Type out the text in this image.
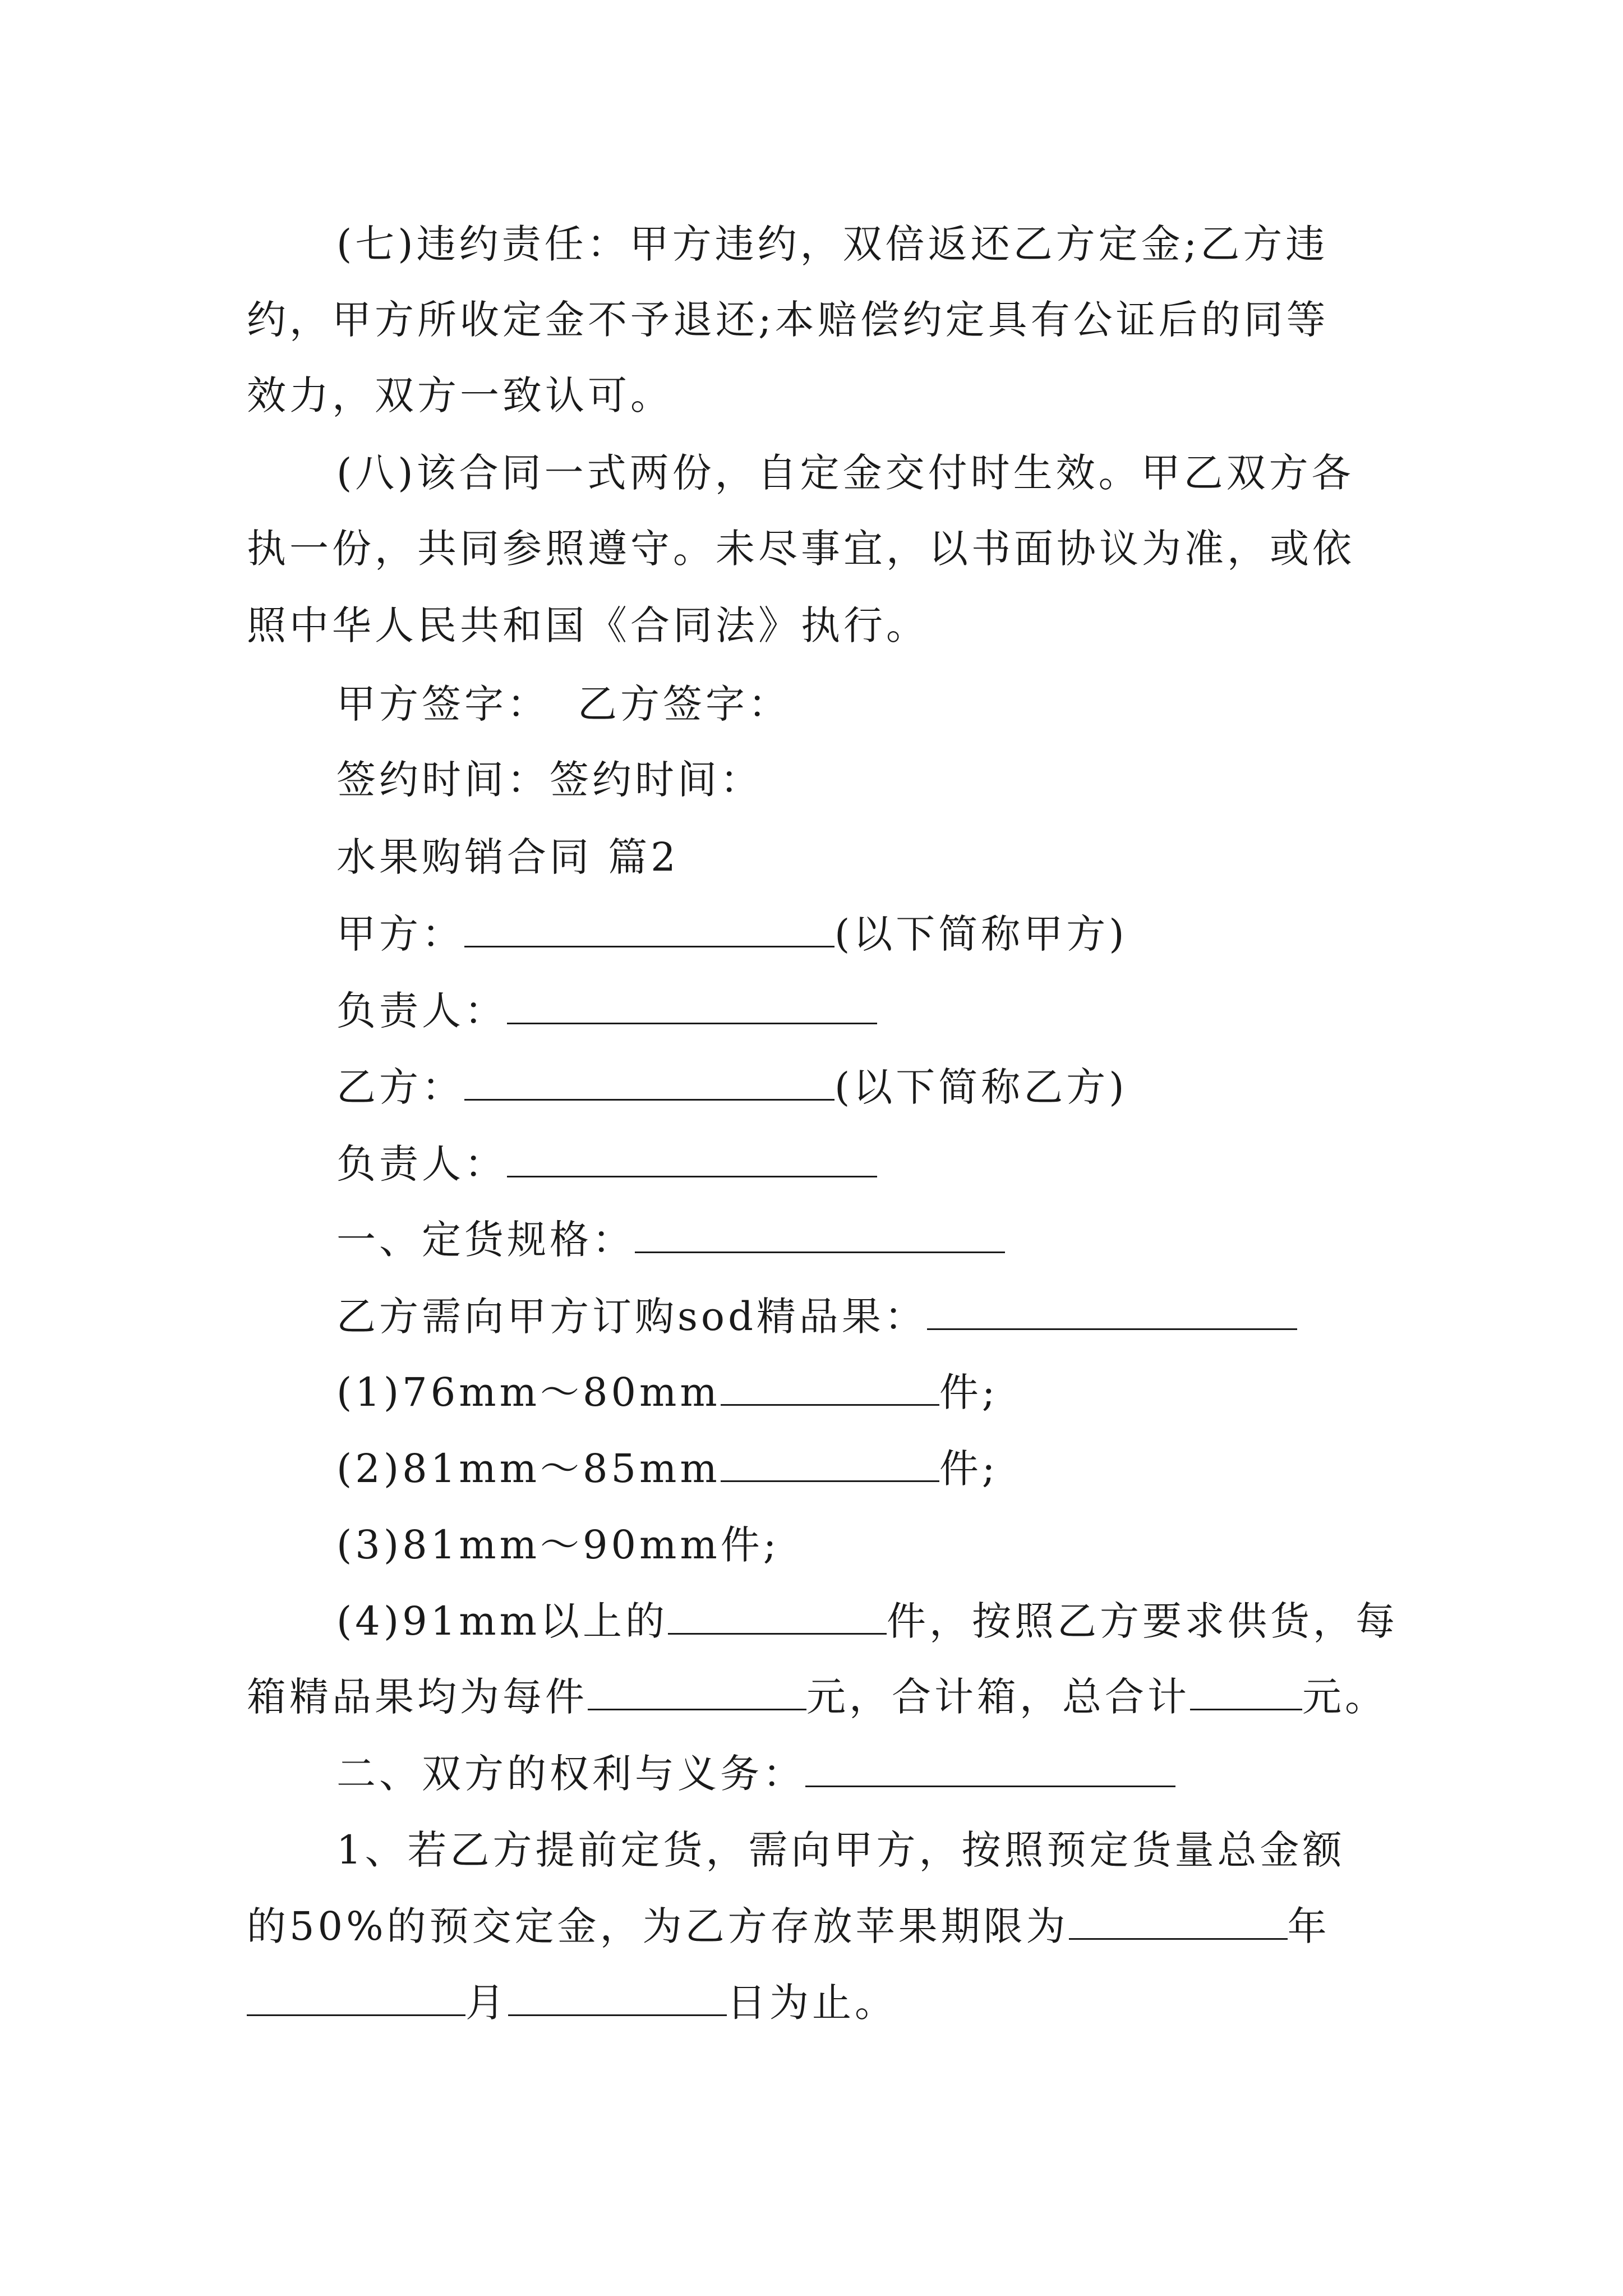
(七)违约责任：甲方违约，双倍返还乙方定金;乙方违
约，甲方所收定金不予退还;本赔偿约定具有公证后的同等
效力，双方一致认可。
(八)该合同一式两份，自定金交付时生效。甲乙双方各
执一份，共同参照遵守。未尽事宜，以书面协议为准，或依
照中华人民共和国《合同法》执行。
甲方签字： 乙方签字：
签约时间：签约时间：
水果购销合同 篇2
甲方：	(以下简称甲方)
负责人：
乙方：	(以下简称乙方)
负责人：
一、定货规格：
乙方需向甲方订购sod精品果：
(1)76mm～80mm	件;
(2)81mm～85mm	件;
(3)81mm～90mm件;
(4)91mm以上的	件，按照乙方要求供货，每
箱精品果均为每件	元，合计箱，总合计	元。
二、双方的权利与义务：
1、若乙方提前定货，需向甲方，按照预定货量总金额
的50%的预交定金，为乙方存放苹果期限为	年
月	日为止。
